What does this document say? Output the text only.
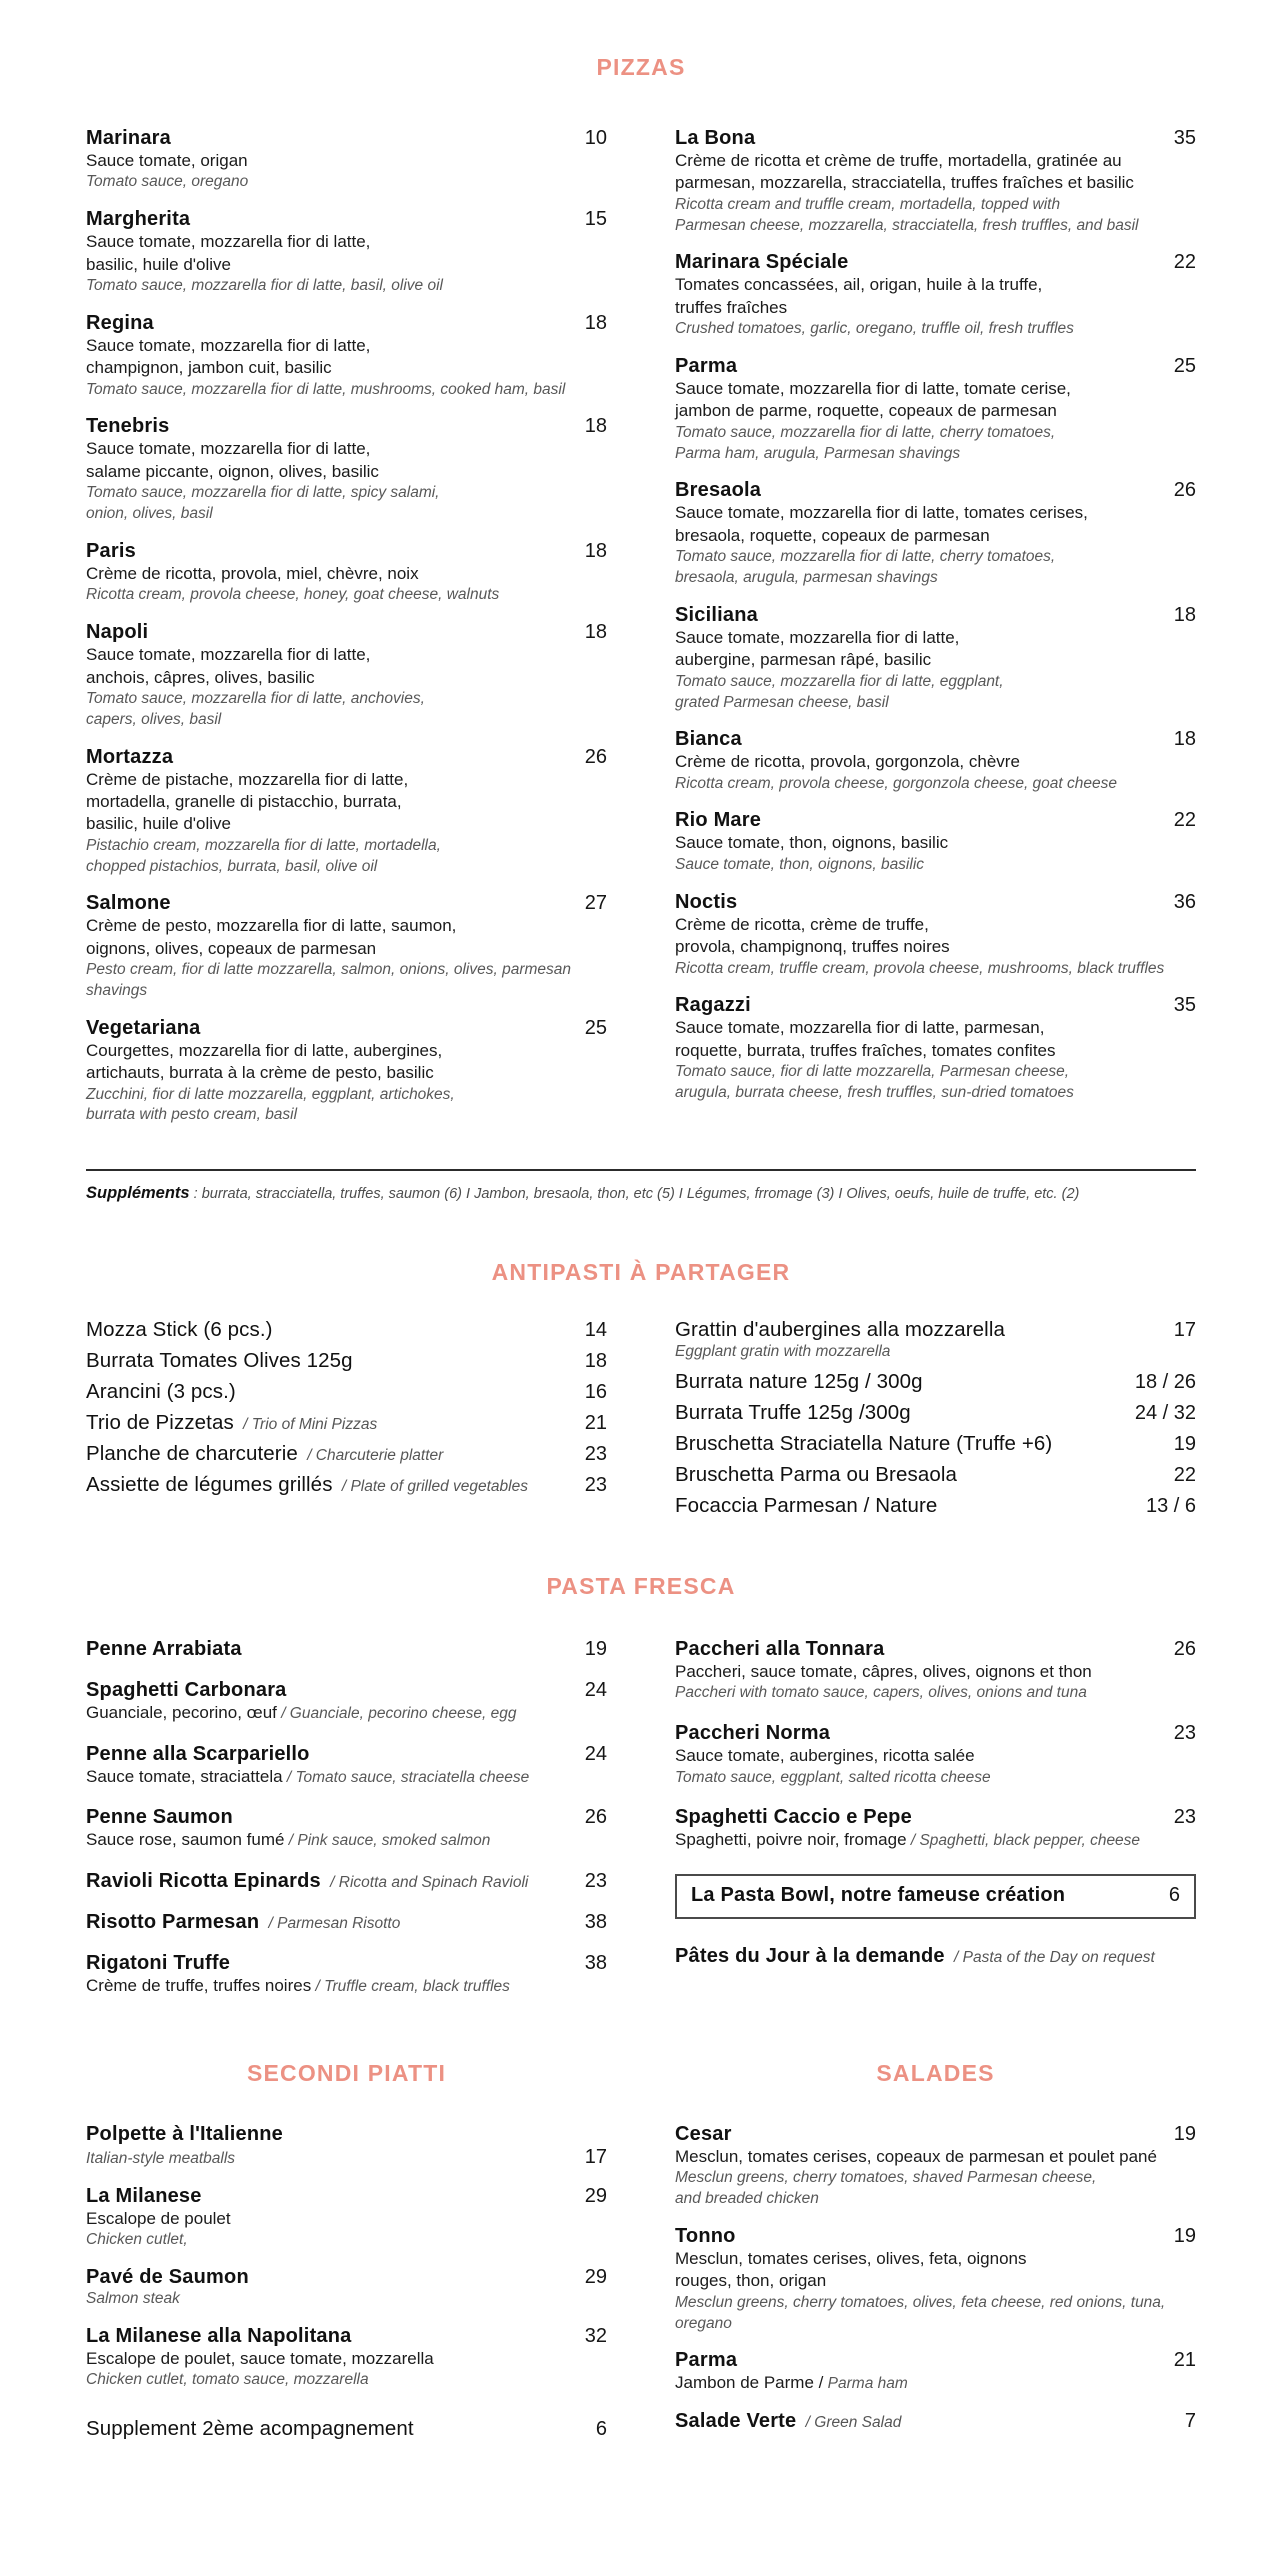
PIZZAS
Marinara	10
Sauce tomate, origan
Tomato sauce, oregano
Margherita	15
Sauce tomate, mozzarella fior di latte,
basilic, huile d'olive
Tomato sauce, mozzarella fior di latte, basil, olive oil
Regina	18
Sauce tomate, mozzarella fior di latte,
champignon, jambon cuit, basilic
Tomato sauce, mozzarella fior di latte, mushrooms, cooked ham, basil
Tenebris	18
Sauce tomate, mozzarella fior di latte,
salame piccante, oignon, olives, basilic
Tomato sauce, mozzarella fior di latte, spicy salami,
onion, olives, basil
Paris	18
Crème de ricotta, provola, miel, chèvre, noix
Ricotta cream, provola cheese, honey, goat cheese, walnuts
Napoli	18
Sauce tomate, mozzarella fior di latte,
anchois, câpres, olives, basilic
Tomato sauce, mozzarella fior di latte, anchovies,
capers, olives, basil
Mortazza	26
Crème de pistache, mozzarella fior di latte,
mortadella, granelle di pistacchio, burrata,
basilic, huile d'olive
Pistachio cream, mozzarella fior di latte, mortadella,
chopped pistachios, burrata, basil, olive oil
Salmone	27
Crème de pesto, mozzarella fior di latte, saumon,
oignons, olives, copeaux de parmesan
Pesto cream, fior di latte mozzarella, salmon, onions, olives, parmesan
shavings
Vegetariana	25
Courgettes, mozzarella fior di latte, aubergines,
artichauts, burrata à la crème de pesto, basilic
Zucchini, fior di latte mozzarella, eggplant, artichokes,
burrata with pesto cream, basil
La Bona	35
Crème de ricotta et crème de truffe, mortadella, gratinée au
parmesan, mozzarella, stracciatella, truffes fraîches et basilic
Ricotta cream and truffle cream, mortadella, topped with
Parmesan cheese, mozzarella, stracciatella, fresh truffles, and basil
Marinara Spéciale	22
Tomates concassées, ail, origan, huile à la truffe,
truffes fraîches
Crushed tomatoes, garlic, oregano, truffle oil, fresh truffles
Parma	25
Sauce tomate, mozzarella fior di latte, tomate cerise,
jambon de parme, roquette, copeaux de parmesan
Tomato sauce, mozzarella fior di latte, cherry tomatoes,
Parma ham, arugula, Parmesan shavings
Bresaola	26
Sauce tomate, mozzarella fior di latte, tomates cerises,
bresaola, roquette, copeaux de parmesan
Tomato sauce, mozzarella fior di latte, cherry tomatoes,
bresaola, arugula, parmesan shavings
Siciliana	18
Sauce tomate, mozzarella fior di latte,
aubergine, parmesan râpé, basilic
Tomato sauce, mozzarella fior di latte, eggplant,
grated Parmesan cheese, basil
Bianca	18
Crème de ricotta, provola, gorgonzola, chèvre
Ricotta cream, provola cheese, gorgonzola cheese, goat cheese
Rio Mare	22
Sauce tomate, thon, oignons, basilic
Sauce tomate, thon, oignons, basilic
Noctis	36
Crème de ricotta, crème de truffe,
provola, champignonq, truffes noires
Ricotta cream, truffle cream, provola cheese, mushrooms, black truffles
Ragazzi	35
Sauce tomate, mozzarella fior di latte, parmesan,
roquette, burrata, truffes fraîches, tomates confites
Tomato sauce, fior di latte mozzarella, Parmesan cheese,
arugula, burrata cheese, fresh truffles, sun-dried tomatoes
Suppléments : burrata, stracciatella, truffes, saumon (6) I Jambon, bresaola, thon, etc (5) I Légumes, frromage (3) I Olives, oeufs, huile de truffe, etc. (2)
ANTIPASTI À PARTAGER
Mozza Stick (6 pcs.)	14
Burrata Tomates Olives 125g	18
Arancini (3 pcs.)	16
Trio de Pizzetas / Trio of Mini Pizzas	21
Planche de charcuterie / Charcuterie platter	23
Assiette de légumes grillés / Plate of grilled vegetables	23
Grattin d'aubergines alla mozzarella	17
Eggplant gratin with mozzarella
Burrata nature 125g / 300g	18 / 26
Burrata Truffe 125g /300g	24 / 32
Bruschetta Straciatella Nature (Truffe +6)	19
Bruschetta Parma ou Bresaola	22
Focaccia Parmesan / Nature	13 / 6
PASTA FRESCA
Penne Arrabiata	19
Spaghetti Carbonara	24
Guanciale, pecorino, œuf / Guanciale, pecorino cheese, egg
Penne alla Scarpariello	24
Sauce tomate, straciattela / Tomato sauce, straciatella cheese
Penne Saumon	26
Sauce rose, saumon fumé / Pink sauce, smoked salmon
Ravioli Ricotta Epinards / Ricotta and Spinach Ravioli	23
Risotto Parmesan / Parmesan Risotto	38
Rigatoni Truffe	38
Crème de truffe, truffes noires / Truffle cream, black truffles
Paccheri alla Tonnara	26
Paccheri, sauce tomate, câpres, olives, oignons et thon
Paccheri with tomato sauce, capers, olives, onions and tuna
Paccheri Norma	23
Sauce tomate, aubergines, ricotta salée
Tomato sauce, eggplant, salted ricotta cheese
Spaghetti Caccio e Pepe	23
Spaghetti, poivre noir, fromage / Spaghetti, black pepper, cheese
La Pasta Bowl, notre fameuse création	6
Pâtes du Jour à la demande / Pasta of the Day on request
SECONDI PIATTI
Polpette à l'Italienne
Italian-style meatballs	17
La Milanese	29
Escalope de poulet
Chicken cutlet,
Pavé de Saumon	29
Salmon steak
La Milanese alla Napolitana	32
Escalope de poulet, sauce tomate, mozzarella
Chicken cutlet, tomato sauce, mozzarella
Supplement 2ème acompagnement	6
SALADES
Cesar	19
Mesclun, tomates cerises, copeaux de parmesan et poulet pané
Mesclun greens, cherry tomatoes, shaved Parmesan cheese,
and breaded chicken
Tonno	19
Mesclun, tomates cerises, olives, feta, oignons
rouges, thon, origan
Mesclun greens, cherry tomatoes, olives, feta cheese, red onions, tuna,
oregano
Parma	21
Jambon de Parme / Parma ham
Salade Verte / Green Salad	7
